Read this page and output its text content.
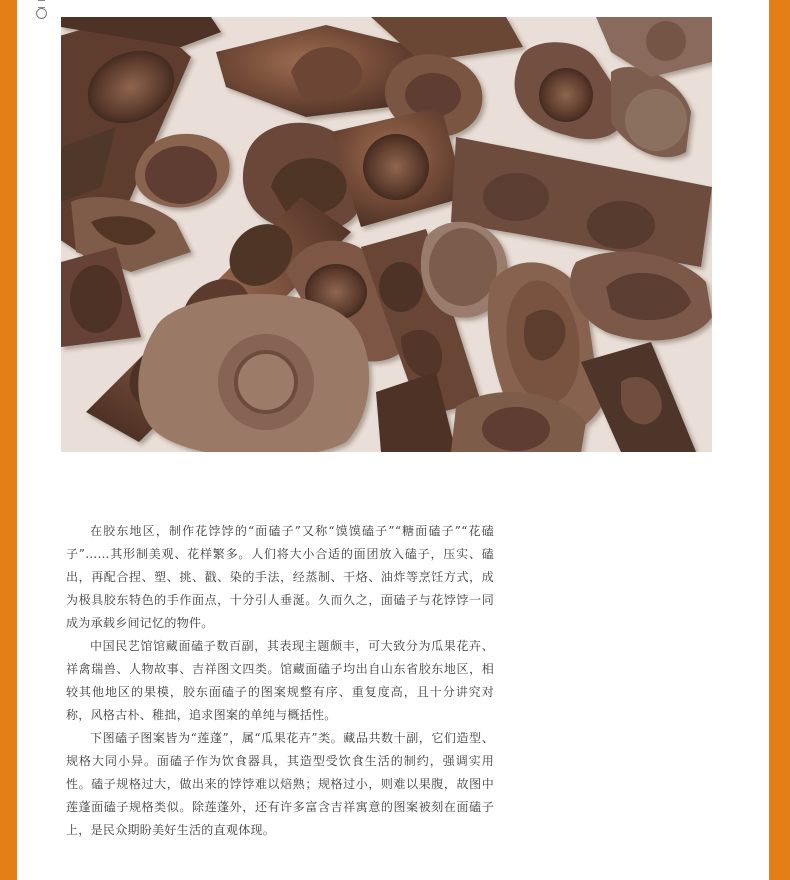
在胶东地区，制作花饽饽的“面磕子”又称“馍馍磕子”“糖面磕子”“花磕子”……其形制美观、花样繁多。人们将大小合适的面团放入磕子，压实、磕出，再配合捏、塑、挑、戳、染的手法，经蒸制、干烙、油炸等烹饪方式，成为极具胶东特色的手作面点，十分引人垂涎。久而久之，面磕子与花饽饽一同成为承载乡间记忆的物件。

中国民艺馆馆藏面磕子数百副，其表现主题颇丰，可大致分为瓜果花卉、祥禽瑞兽、人物故事、吉祥图文四类。馆藏面磕子均出自山东省胶东地区，相较其他地区的果模，胶东面磕子的图案规整有序、重复度高，且十分讲究对称，风格古朴、稚拙，追求图案的单纯与概括性。

下图磕子图案皆为“莲蓬”，属“瓜果花卉”类。藏品共数十副，它们造型、规格大同小异。面磕子作为饮食器具，其造型受饮食生活的制约，强调实用性。磕子规格过大，做出来的饽饽难以焙熟；规格过小，则难以果腹，故图中莲蓬面磕子规格类似。除莲蓬外，还有许多富含吉祥寓意的图案被刻在面磕子上，是民众期盼美好生活的直观体现。
